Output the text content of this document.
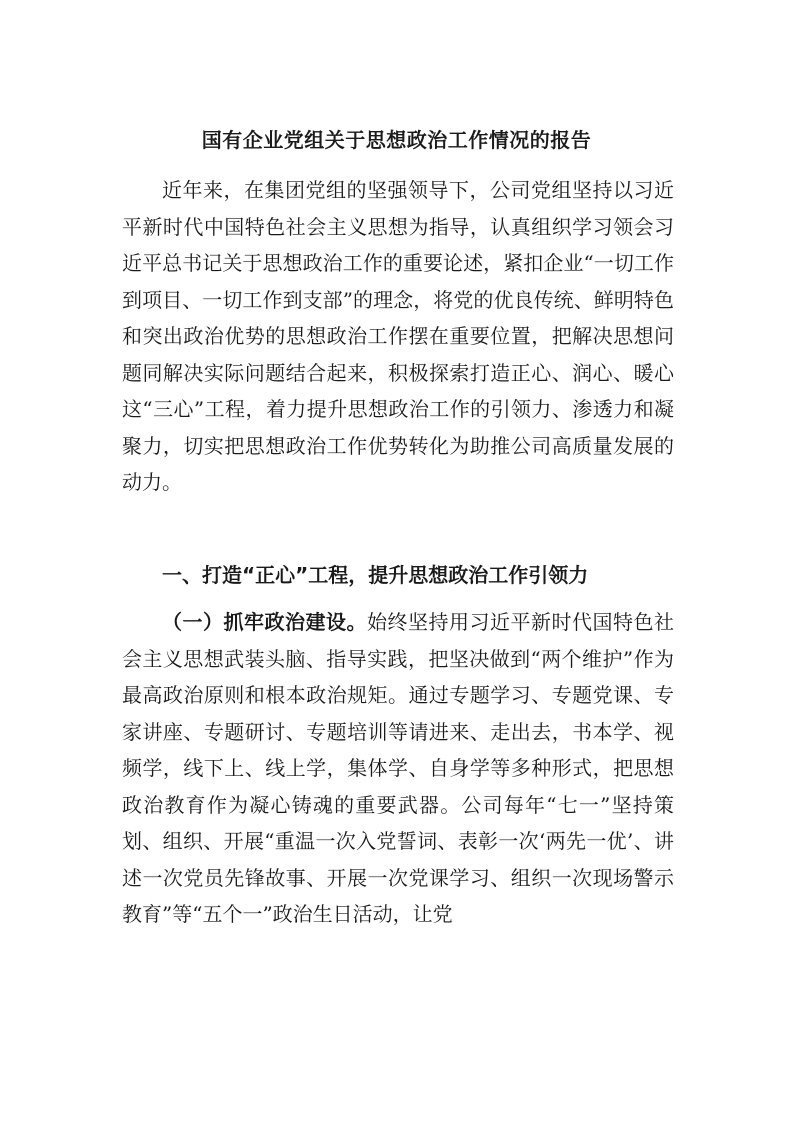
国有企业党组关于思想政治工作情况的报告

近年来，在集团党组的坚强领导下，公司党组坚持以习近平新时代中国特色社会主义思想为指导，认真组织学习领会习近平总书记关于思想政治工作的重要论述，紧扣企业“一切工作到项目、一切工作到支部”的理念，将党的优良传统、鲜明特色和突出政治优势的思想政治工作摆在重要位置，把解决思想问题同解决实际问题结合起来，积极探索打造正心、润心、暖心这“三心”工程，着力提升思想政治工作的引领力、渗透力和凝聚力，切实把思想政治工作优势转化为助推公司高质量发展的动力。

一、打造“正心”工程，提升思想政治工作引领力

（一）抓牢政治建设。始终坚持用习近平新时代国特色社会主义思想武装头脑、指导实践，把坚决做到“两个维护”作为最高政治原则和根本政治规矩。通过专题学习、专题党课、专家讲座、专题研讨、专题培训等请进来、走出去，书本学、视频学，线下上、线上学，集体学、自身学等多种形式，把思想政治教育作为凝心铸魂的重要武器。公司每年“七一”坚持策划、组织、开展“重温一次入党誓词、表彰一次‘两先一优’、讲述一次党员先锋故事、开展一次党课学习、组织一次现场警示教育”等“五个一”政治生日活动，让党
